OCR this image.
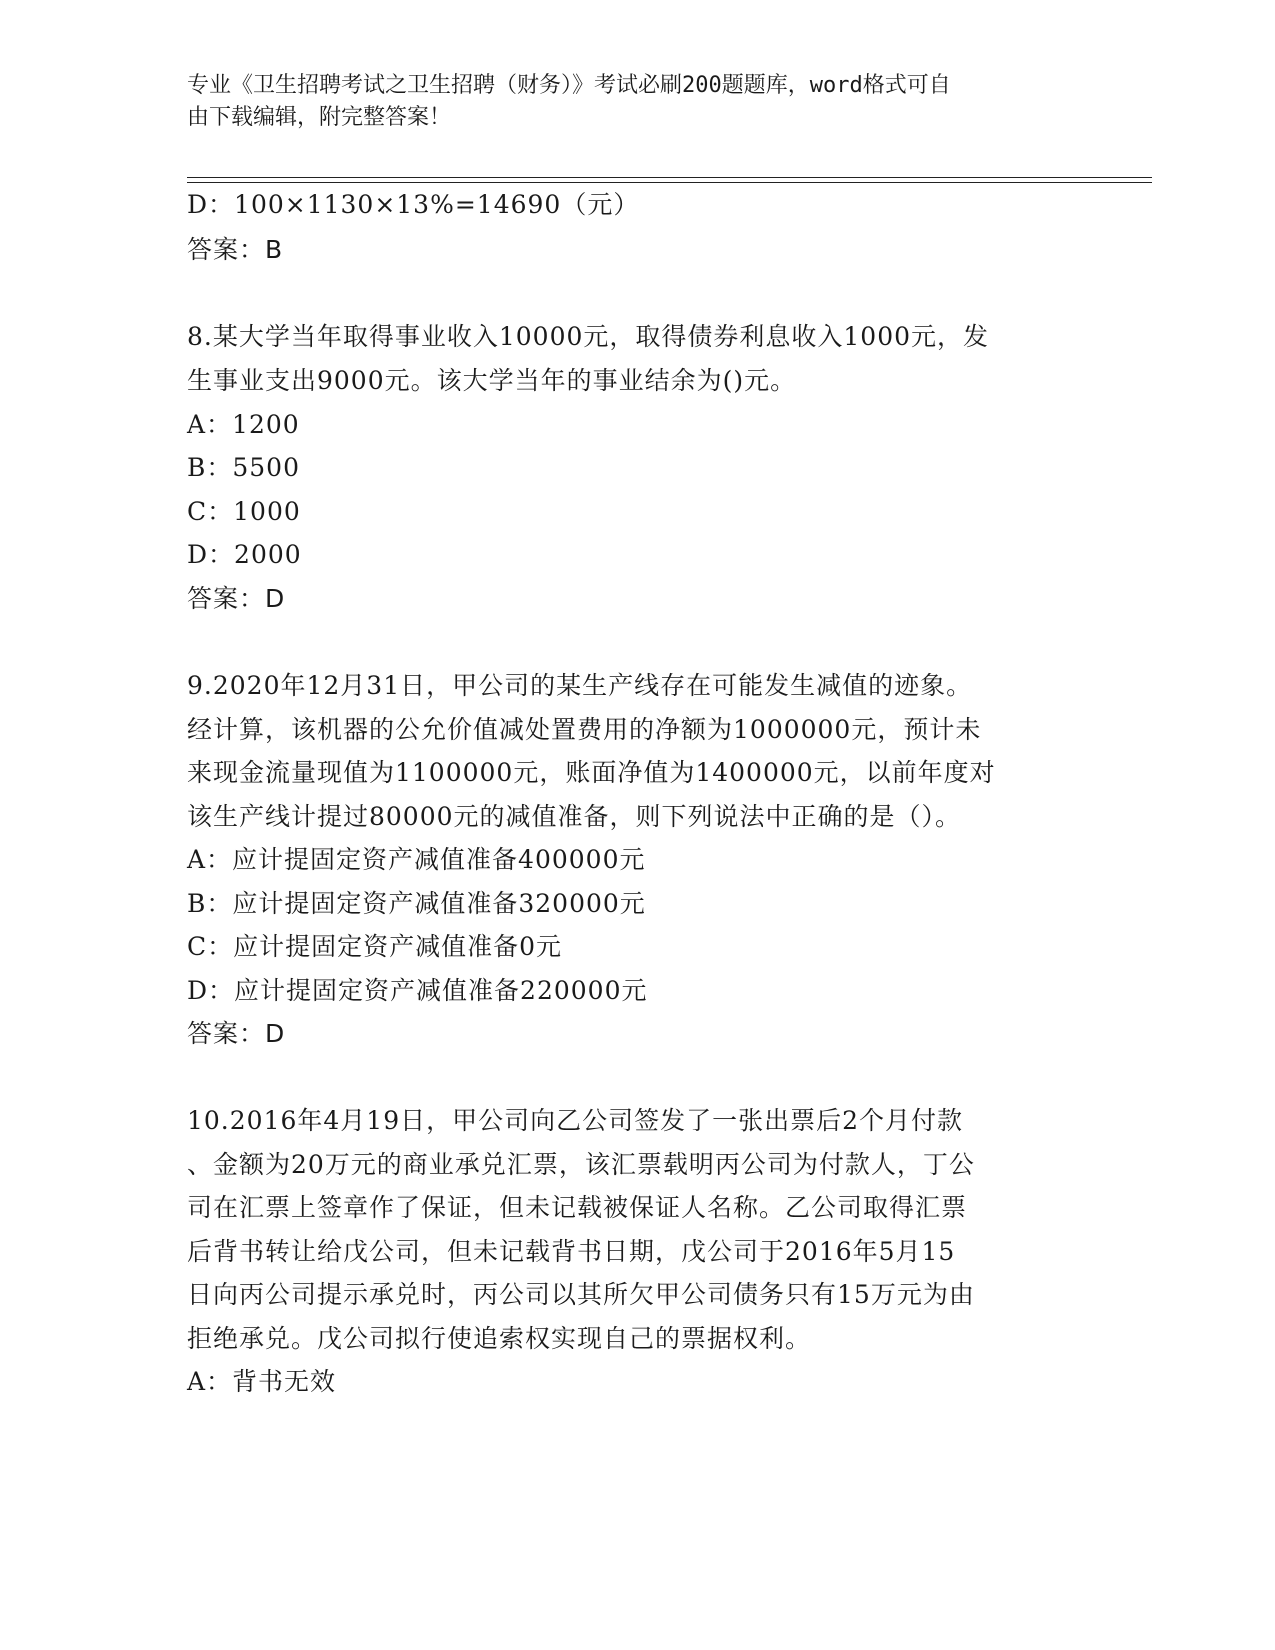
专业《卫生招聘考试之卫生招聘（财务）》考试必刷200题题库，word格式可自
由下载编辑，附完整答案！
D：100×1130×13%=14690（元）
答案：B
8.某大学当年取得事业收入10000元，取得债券利息收入1000元，发
生事业支出9000元。该大学当年的事业结余为()元。
A：1200
B：5500
C：1000
D：2000
答案：D
9.2020年12月31日，甲公司的某生产线存在可能发生减值的迹象。
经计算，该机器的公允价值减处置费用的净额为1000000元，预计未
来现金流量现值为1100000元，账面净值为1400000元，以前年度对
该生产线计提过80000元的减值准备，则下列说法中正确的是（）。
A：应计提固定资产减值准备400000元
B：应计提固定资产减值准备320000元
C：应计提固定资产减值准备0元
D：应计提固定资产减值准备220000元
答案：D
10.2016年4月19日，甲公司向乙公司签发了一张出票后2个月付款
、金额为20万元的商业承兑汇票，该汇票载明丙公司为付款人，丁公
司在汇票上签章作了保证，但未记载被保证人名称。乙公司取得汇票
后背书转让给戊公司，但未记载背书日期，戊公司于2016年5月15
日向丙公司提示承兑时，丙公司以其所欠甲公司债务只有15万元为由
拒绝承兑。戊公司拟行使追索权实现自己的票据权利。
A：背书无效
